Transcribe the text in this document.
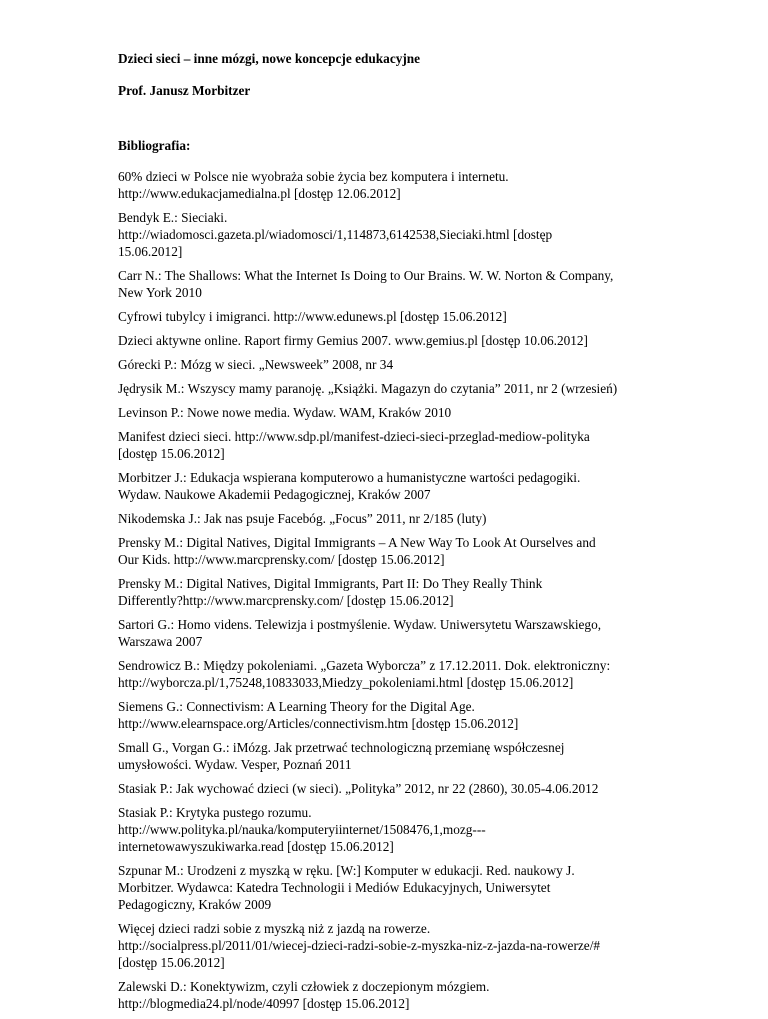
Dzieci sieci – inne mózgi, nowe koncepcje edukacyjne
Prof. Janusz Morbitzer
Bibliografia:
60% dzieci w Polsce nie wyobraża sobie życia bez komputera i internetu.
http://www.edukacjamedialna.pl [dostęp 12.06.2012]
Bendyk E.: Sieciaki.
http://wiadomosci.gazeta.pl/wiadomosci/1,114873,6142538,Sieciaki.html [dostęp
15.06.2012]
Carr N.: The Shallows: What the Internet Is Doing to Our Brains. W. W. Norton & Company,
New York 2010
Cyfrowi tubylcy i imigranci. http://www.edunews.pl [dostęp 15.06.2012]
Dzieci aktywne online. Raport firmy Gemius 2007. www.gemius.pl [dostęp 10.06.2012]
Górecki P.: Mózg w sieci. „Newsweek” 2008, nr 34
Jędrysik M.: Wszyscy mamy paranoję. „Książki. Magazyn do czytania” 2011, nr 2 (wrzesień)
Levinson P.: Nowe nowe media. Wydaw. WAM, Kraków 2010
Manifest dzieci sieci. http://www.sdp.pl/manifest-dzieci-sieci-przeglad-mediow-polityka
[dostęp 15.06.2012]
Morbitzer J.: Edukacja wspierana komputerowo a humanistyczne wartości pedagogiki.
Wydaw. Naukowe Akademii Pedagogicznej, Kraków 2007
Nikodemska J.: Jak nas psuje Facebóg. „Focus” 2011, nr 2/185 (luty)
Prensky M.: Digital Natives, Digital Immigrants – A New Way To Look At Ourselves and
Our Kids. http://www.marcprensky.com/ [dostęp 15.06.2012]
Prensky M.: Digital Natives, Digital Immigrants, Part II: Do They Really Think
Differently?http://www.marcprensky.com/ [dostęp 15.06.2012]
Sartori G.: Homo videns. Telewizja i postmyślenie. Wydaw. Uniwersytetu Warszawskiego,
Warszawa 2007
Sendrowicz B.: Między pokoleniami. „Gazeta Wyborcza” z 17.12.2011. Dok. elektroniczny:
http://wyborcza.pl/1,75248,10833033,Miedzy_pokoleniami.html [dostęp 15.06.2012]
Siemens G.: Connectivism: A Learning Theory for the Digital Age.
http://www.elearnspace.org/Articles/connectivism.htm [dostęp 15.06.2012]
Small G., Vorgan G.: iMózg. Jak przetrwać technologiczną przemianę współczesnej
umysłowości. Wydaw. Vesper, Poznań 2011
Stasiak P.: Jak wychować dzieci (w sieci). „Polityka” 2012, nr 22 (2860), 30.05-4.06.2012
Stasiak P.: Krytyka pustego rozumu.
http://www.polityka.pl/nauka/komputeryiinternet/1508476,1,mozg---
internetowawyszukiwarka.read [dostęp 15.06.2012]
Szpunar M.: Urodzeni z myszką w ręku. [W:] Komputer w edukacji. Red. naukowy J.
Morbitzer. Wydawca: Katedra Technologii i Mediów Edukacyjnych, Uniwersytet
Pedagogiczny, Kraków 2009
Więcej dzieci radzi sobie z myszką niż z jazdą na rowerze.
http://socialpress.pl/2011/01/wiecej-dzieci-radzi-sobie-z-myszka-niz-z-jazda-na-rowerze/#
[dostęp 15.06.2012]
Zalewski D.: Konektywizm, czyli człowiek z doczepionym mózgiem.
http://blogmedia24.pl/node/40997 [dostęp 15.06.2012]
